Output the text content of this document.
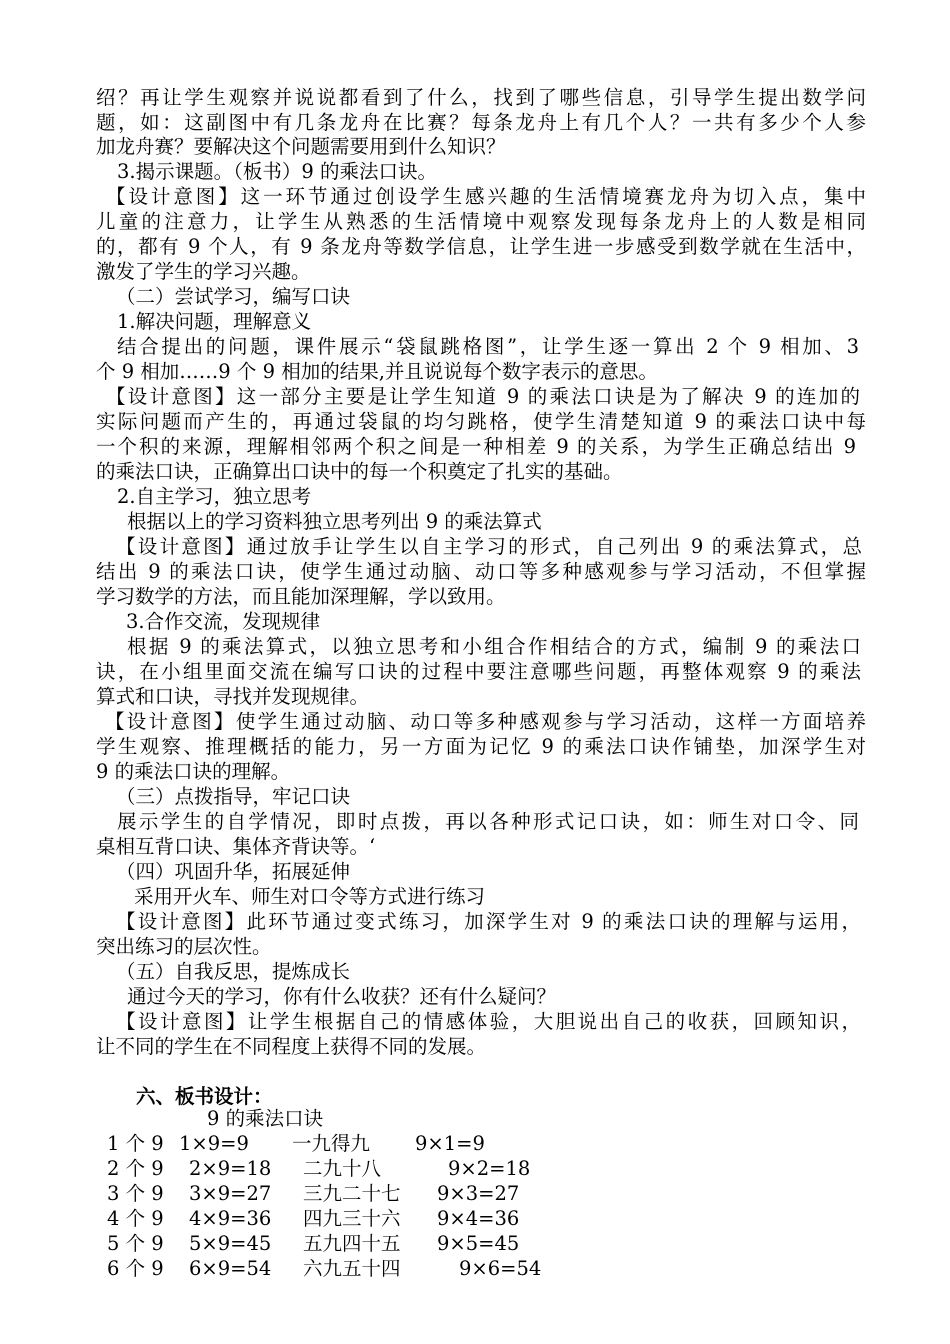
绍？再让学生观察并说说都看到了什么，找到了哪些信息，引导学生提出数学问
题，如：这副图中有几条龙舟在比赛？每条龙舟上有几个人？一共有多少个人参
加龙舟赛？要解决这个问题需要用到什么知识？
3.揭示课题。（板书）9 的乘法口诀。
【设计意图】这一环节通过创设学生感兴趣的生活情境赛龙舟为切入点，集中
儿童的注意力，让学生从熟悉的生活情境中观察发现每条龙舟上的人数是相同
的，都有 9 个人，有 9 条龙舟等数学信息，让学生进一步感受到数学就在生活中，
激发了学生的学习兴趣。
（二）尝试学习，编写口诀
1.解决问题，理解意义
结合提出的问题，课件展示“袋鼠跳格图”，让学生逐一算出 2 个 9 相加、3
个 9 相加……9 个 9 相加的结果,并且说说每个数字表示的意思。
【设计意图】这一部分主要是让学生知道 9 的乘法口诀是为了解决 9 的连加的
实际问题而产生的，再通过袋鼠的均匀跳格，使学生清楚知道 9 的乘法口诀中每
一个积的来源，理解相邻两个积之间是一种相差 9 的关系，为学生正确总结出 9
的乘法口诀，正确算出口诀中的每一个积奠定了扎实的基础。
2.自主学习，独立思考
根据以上的学习资料独立思考列出 9 的乘法算式
【设计意图】通过放手让学生以自主学习的形式，自己列出 9 的乘法算式，总
结出 9 的乘法口诀，使学生通过动脑、动口等多种感观参与学习活动，不但掌握
学习数学的方法，而且能加深理解，学以致用。
3.合作交流，发现规律
根据 9 的乘法算式，以独立思考和小组合作相结合的方式，编制 9 的乘法口
诀，在小组里面交流在编写口诀的过程中要注意哪些问题，再整体观察 9 的乘法
算式和口诀，寻找并发现规律。
【设计意图】使学生通过动脑、动口等多种感观参与学习活动，这样一方面培养
学生观察、推理概括的能力，另一方面为记忆 9 的乘法口诀作铺垫，加深学生对
9 的乘法口诀的理解。
（三）点拨指导，牢记口诀
展示学生的自学情况，即时点拨，再以各种形式记口诀，如：师生对口令、同
桌相互背口诀、集体齐背诀等。‘
（四）巩固升华，拓展延伸
采用开火车、师生对口令等方式进行练习
【设计意图】此环节通过变式练习，加深学生对 9 的乘法口诀的理解与运用，
突出练习的层次性。
（五）自我反思，提炼成长
通过今天的学习，你有什么收获？还有什么疑问？
【设计意图】让学生根据自己的情感体验，大胆说出自己的收获，回顾知识，
让不同的学生在不同程度上获得不同的发展。
六、板书设计：
9 的乘法口诀
1 个 9 1×9=9 一九得九 9×1=9
2 个 9 2×9=18 二九十八	9×2=18
3 个 9 3×9=27 三九二十七 9×3=27
4 个 9 4×9=36 四九三十六 9×4=36
5 个 9 5×9=45 五九四十五 9×5=45
6 个 9 6×9=54 六九五十四	9×6=54
